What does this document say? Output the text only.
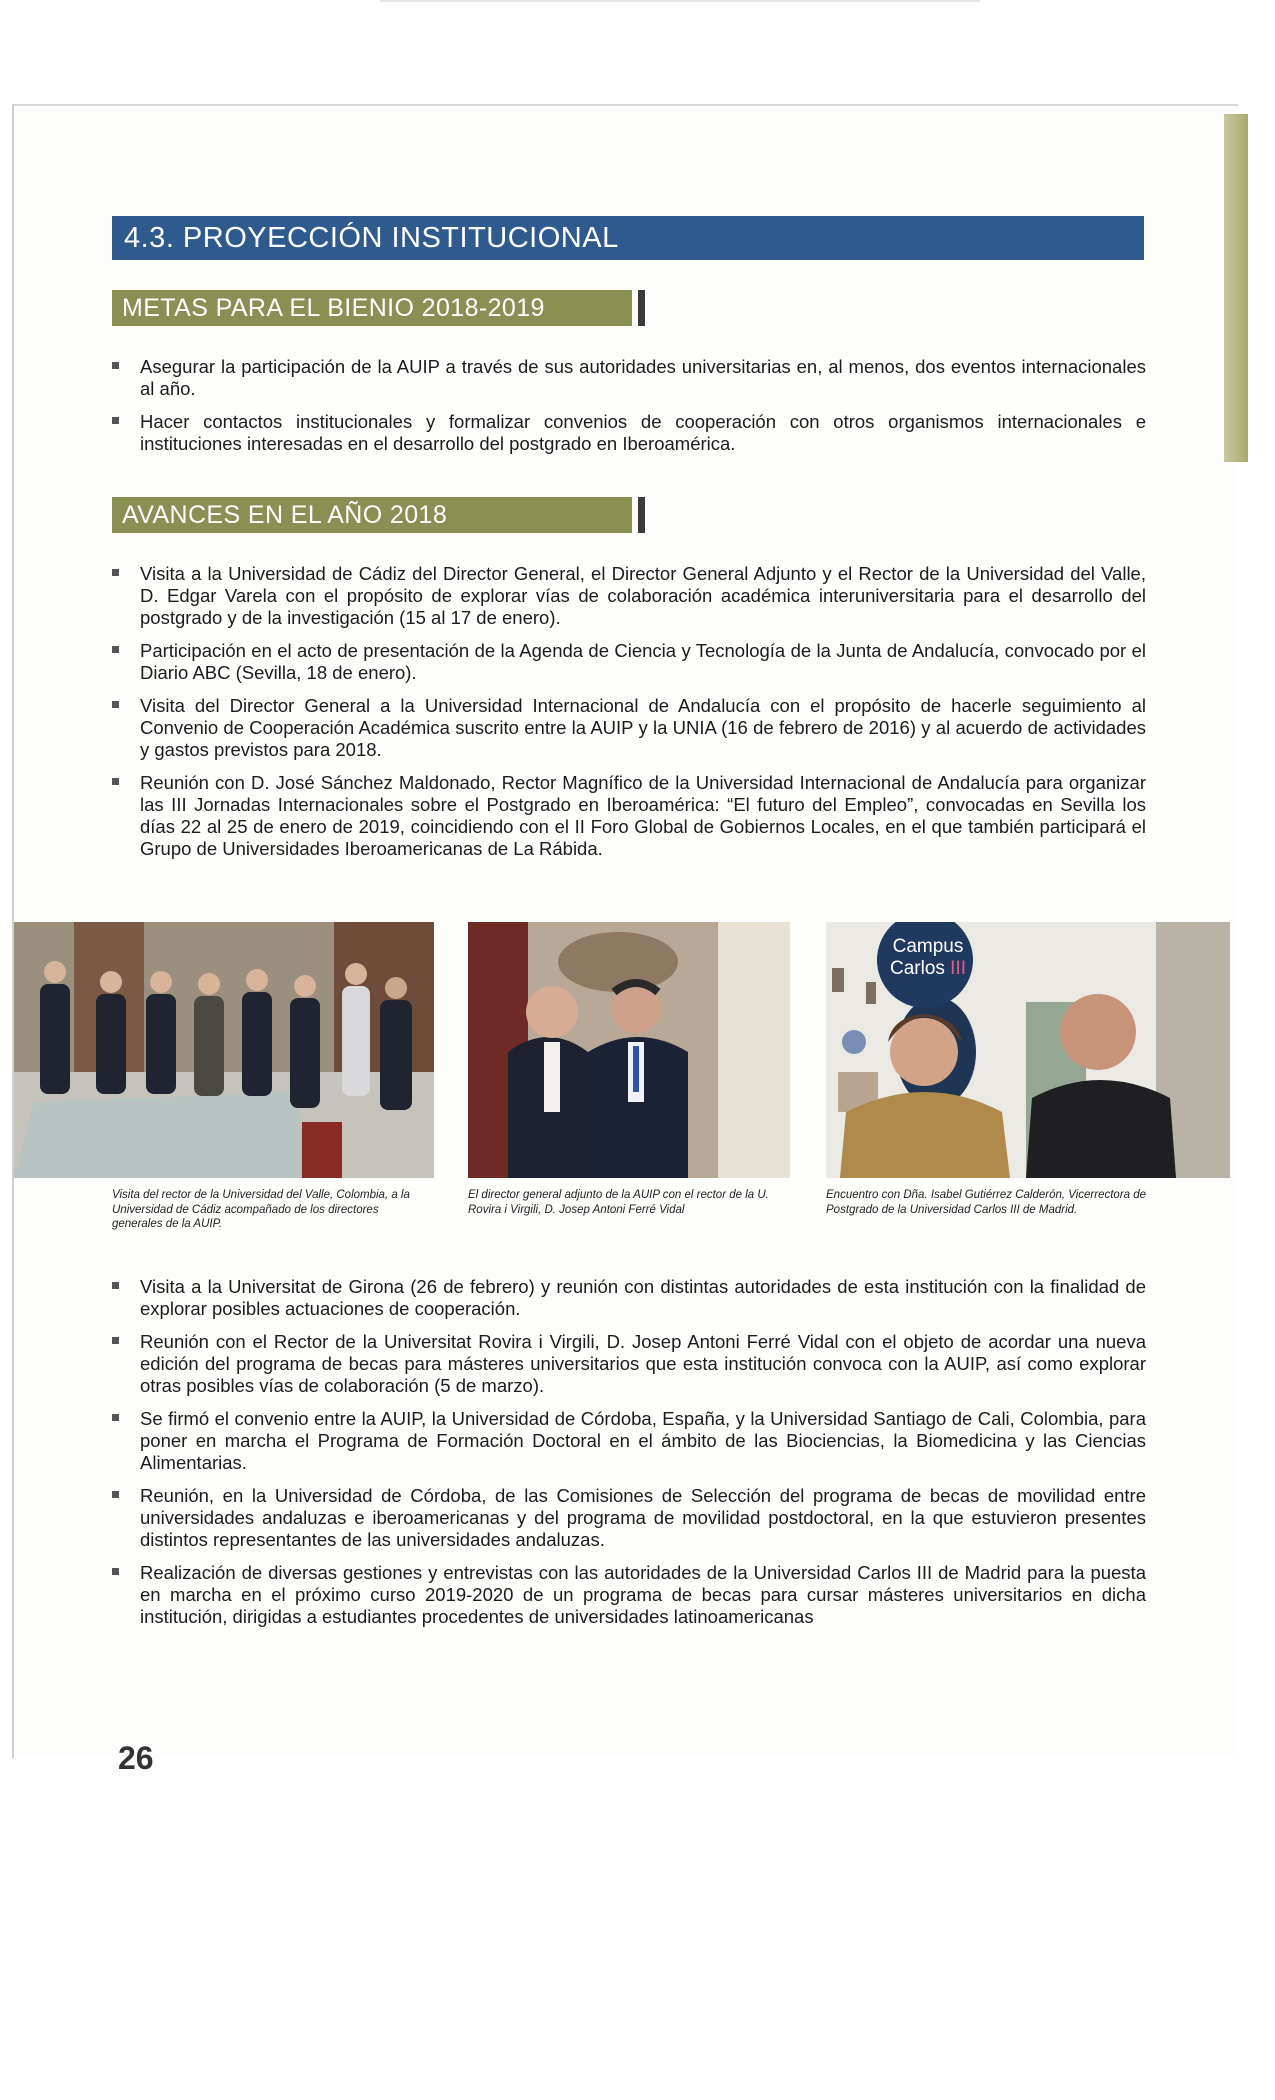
4.3. PROYECCIÓN INSTITUCIONAL
METAS PARA EL BIENIO 2018-2019
Asegurar la participación de la AUIP a través de sus autoridades universitarias en, al menos, dos eventos internacionales al año.
Hacer contactos institucionales y formalizar convenios de cooperación con otros organismos internacionales e instituciones interesadas en el desarrollo del postgrado en Iberoamérica.
AVANCES EN EL AÑO 2018
Visita a la Universidad de Cádiz del Director General, el Director General Adjunto y el Rector de la Universidad del Valle, D. Edgar Varela con el propósito de explorar vías de colaboración académica interuniversitaria para el desarrollo del postgrado y de la investigación (15 al 17 de enero).
Participación en el acto de presentación de la Agenda de Ciencia y Tecnología de la Junta de Andalucía, convocado por el Diario ABC (Sevilla, 18 de enero).
Visita del Director General a la Universidad Internacional de Andalucía con el propósito de hacerle seguimiento al Convenio de Cooperación Académica suscrito entre la AUIP y la UNIA (16 de febrero de 2016) y al acuerdo de actividades y gastos previstos para 2018.
Reunión con D. José Sánchez Maldonado, Rector Magnífico de la Universidad Internacional de Andalucía para organizar las III Jornadas Internacionales sobre el Postgrado en Iberoamérica: “El futuro del Empleo”, convocadas en Sevilla los días 22 al 25 de enero de 2019, coincidiendo con el II Foro Global de Gobiernos Locales, en el que también participará el Grupo de Universidades Iberoamericanas de La Rábida.
Visita del rector de la Universidad del Valle, Colombia, a la Universidad de Cádiz acompañado de los directores generales de la AUIP.
El director general adjunto de la AUIP con el rector de la U. Rovira i Virgili, D. Josep Antoni Ferré Vidal
Campus
Carlos III
Encuentro con Dña. Isabel Gutiérrez Calderón, Vicerrectora de Postgrado de la Universidad Carlos III de Madrid.
Visita a la Universitat de Girona (26 de febrero) y reunión con distintas autoridades de esta institución con la finalidad de explorar posibles actuaciones de cooperación.
Reunión con el Rector de la Universitat Rovira i Virgili, D. Josep Antoni Ferré Vidal con el objeto de acordar una nueva edición del programa de becas para másteres universitarios que esta institución convoca con la AUIP, así como explorar otras posibles vías de colaboración (5 de marzo).
Se firmó el convenio entre la AUIP, la Universidad de Córdoba, España, y la Universidad Santiago de Cali, Colombia, para poner en marcha el Programa de Formación Doctoral en el ámbito de las Biociencias, la Biomedicina y las Ciencias Alimentarias.
Reunión, en la Universidad de Córdoba, de las Comisiones de Selección del programa de becas de movilidad entre universidades andaluzas e iberoamericanas y del programa de movilidad postdoctoral, en la que estuvieron presentes distintos representantes de las universidades andaluzas.
Realización de diversas gestiones y entrevistas con las autoridades de la Universidad Carlos III de Madrid para la puesta en marcha en el próximo curso 2019-2020 de un programa de becas para cursar másteres universitarios en dicha institución, dirigidas a estudiantes procedentes de universidades latinoamericanas
26
